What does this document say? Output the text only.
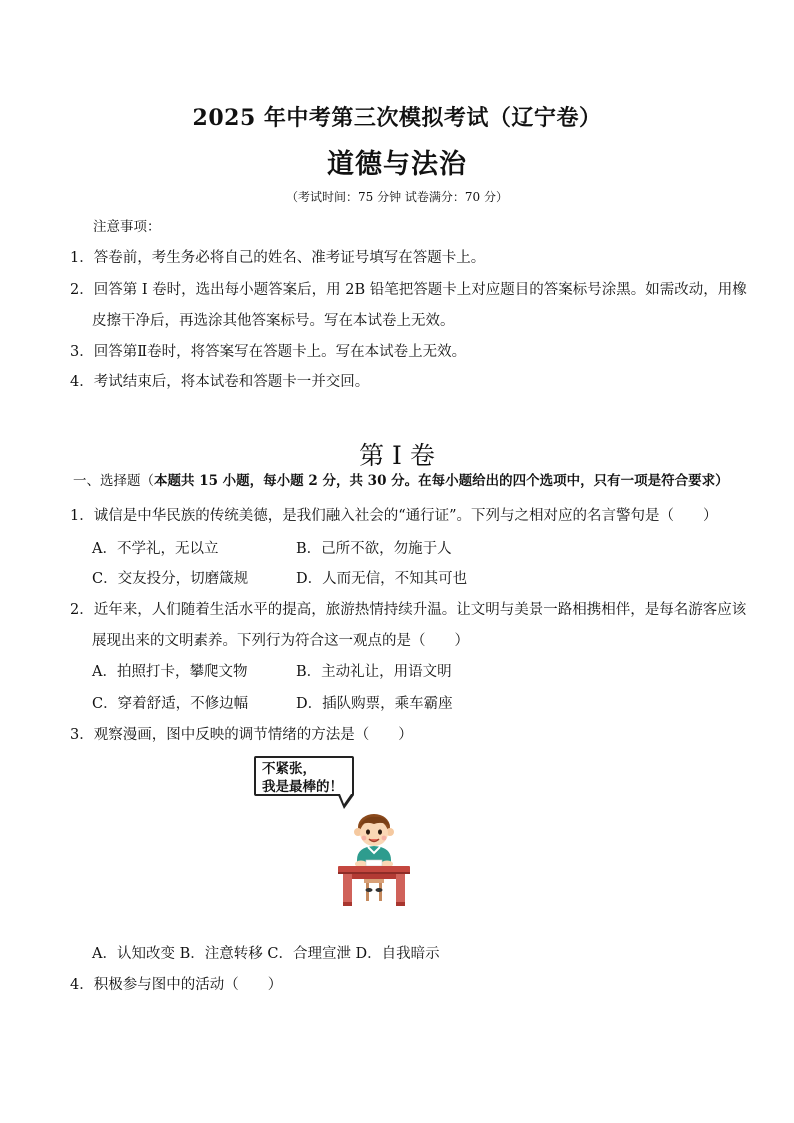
2025 年中考第三次模拟考试（辽宁卷）
道德与法治
（考试时间：75 分钟 试卷满分：70 分）
注意事项：
1．答卷前，考生务必将自己的姓名、准考证号填写在答题卡上。
2．回答第 I 卷时，选出每小题答案后，用 2B 铅笔把答题卡上对应题目的答案标号涂黑。如需改动，用橡
皮擦干净后，再选涂其他答案标号。写在本试卷上无效。
3．回答第Ⅱ卷时，将答案写在答题卡上。写在本试卷上无效。
4．考试结束后，将本试卷和答题卡一并交回。
第 I 卷
一、选择题（本题共 15 小题，每小题 2 分，共 30 分。在每小题给出的四个选项中，只有一项是符合要求）
1．诚信是中华民族的传统美德，是我们融入社会的“通行证”。下列与之相对应的名言警句是（　　）
A．不学礼，无以立	B．己所不欲，勿施于人
C．交友投分，切磨箴规	D．人而无信，不知其可也
2．近年来，人们随着生活水平的提高，旅游热情持续升温。让文明与美景一路相携相伴，是每名游客应该
展现出来的文明素养。下列行为符合这一观点的是（　　）
A．拍照打卡，攀爬文物	B．主动礼让，用语文明
C．穿着舒适，不修边幅	D．插队购票，乘车霸座
3．观察漫画，图中反映的调节情绪的方法是（　　）
不紧张，
我是最棒的！
A．认知改变 B．注意转移 C．合理宣泄 D．自我暗示
4．积极参与图中的活动（　　）
